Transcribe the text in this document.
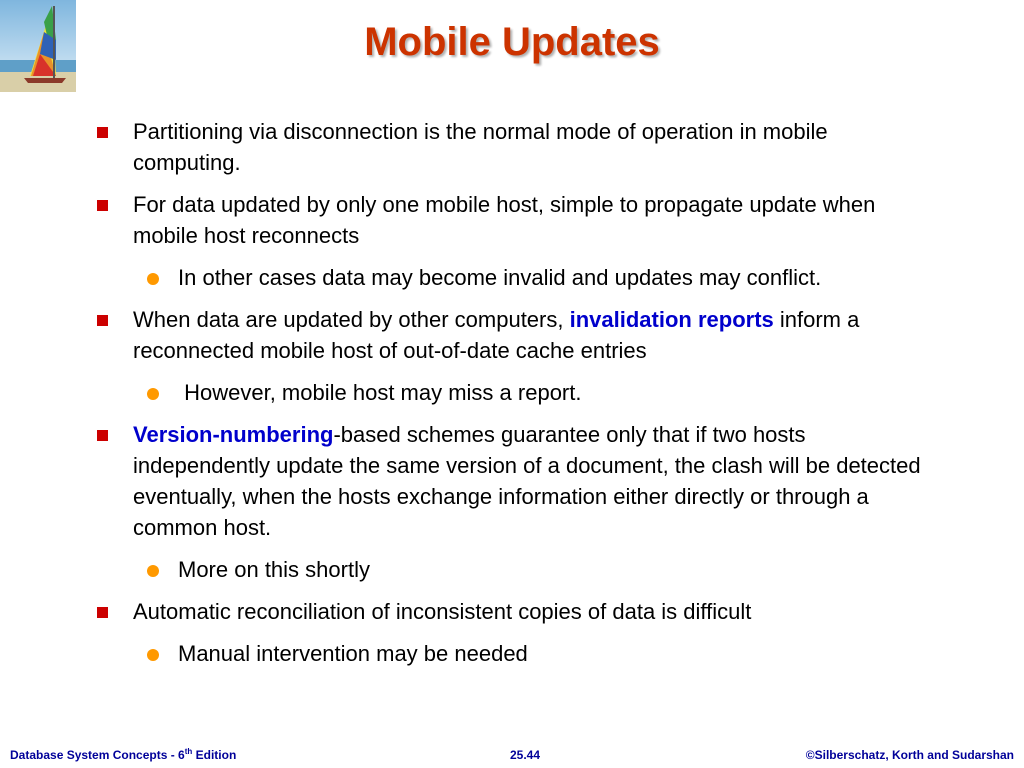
Mobile Updates
Partitioning via disconnection is the normal mode of operation in mobile computing.
For data updated by only one mobile host, simple to propagate update when mobile host reconnects
In other cases data may become invalid and updates may conflict.
When data are updated by other computers, invalidation reports inform a reconnected mobile host of out-of-date cache entries
However, mobile host may miss a report.
Version-numbering-based schemes guarantee only that if two hosts independently update the same version of a document, the clash will be detected eventually, when the hosts exchange information either directly or through a common host.
More on this shortly
Automatic reconciliation of inconsistent copies of data is difficult
Manual intervention may be needed
Database System Concepts - 6th Edition	25.44	©Silberschatz, Korth and Sudarshan
